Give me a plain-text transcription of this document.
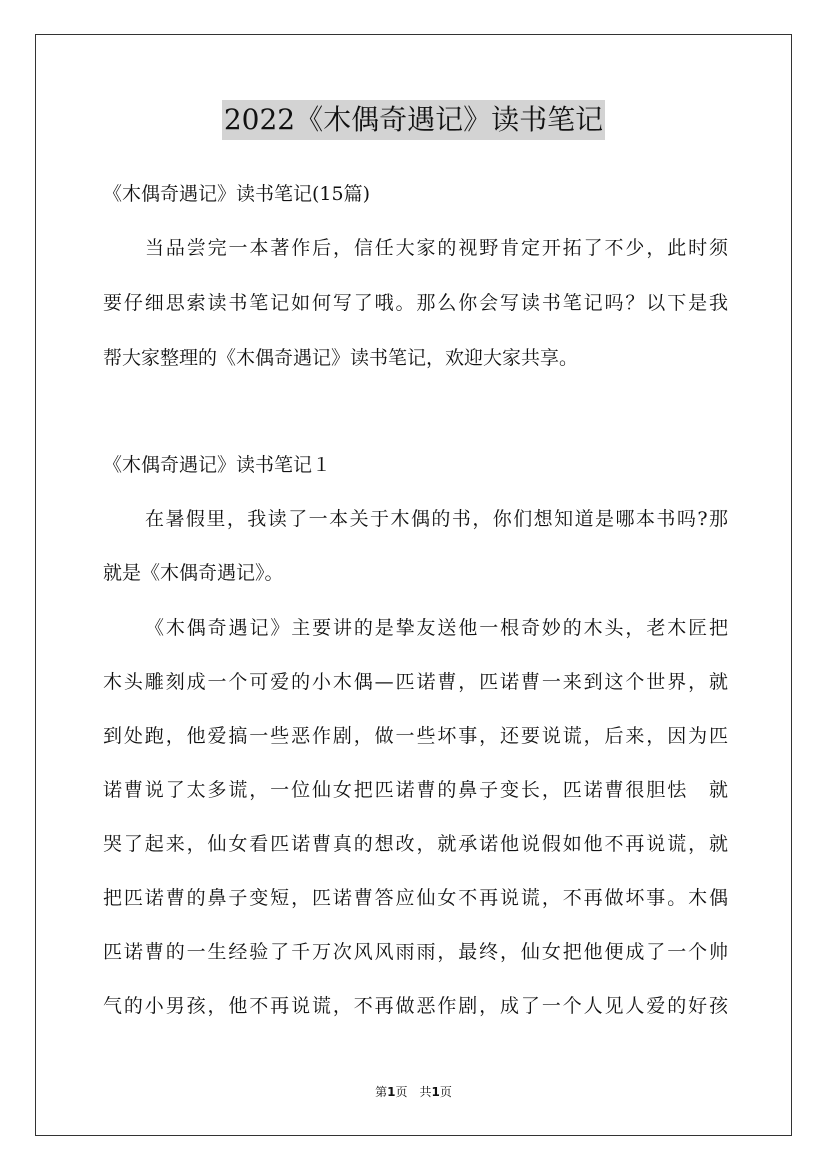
2022《木偶奇遇记》读书笔记
《木偶奇遇记》读书笔记(15篇)
当品尝完一本著作后，信任大家的视野肯定开拓了不少，此时须
要仔细思索读书笔记如何写了哦。那么你会写读书笔记吗？以下是我
帮大家整理的《木偶奇遇记》读书笔记，欢迎大家共享。
《木偶奇遇记》读书笔记１
在暑假里，我读了一本关于木偶的书，你们想知道是哪本书吗?那
就是《木偶奇遇记》。
《木偶奇遇记》主要讲的是挚友送他一根奇妙的木头，老木匠把
木头雕刻成一个可爱的小木偶—匹诺曹，匹诺曹一来到这个世界，就
到处跑，他爱搞一些恶作剧，做一些坏事，还要说谎，后来，因为匹
诺曹说了太多谎，一位仙女把匹诺曹的鼻子变长，匹诺曹很胆怯　就
哭了起来，仙女看匹诺曹真的想改，就承诺他说假如他不再说谎，就
把匹诺曹的鼻子变短，匹诺曹答应仙女不再说谎，不再做坏事。木偶
匹诺曹的一生经验了千万次风风雨雨，最终，仙女把他便成了一个帅
气的小男孩，他不再说谎，不再做恶作剧，成了一个人见人爱的好孩
第1页　共1页
